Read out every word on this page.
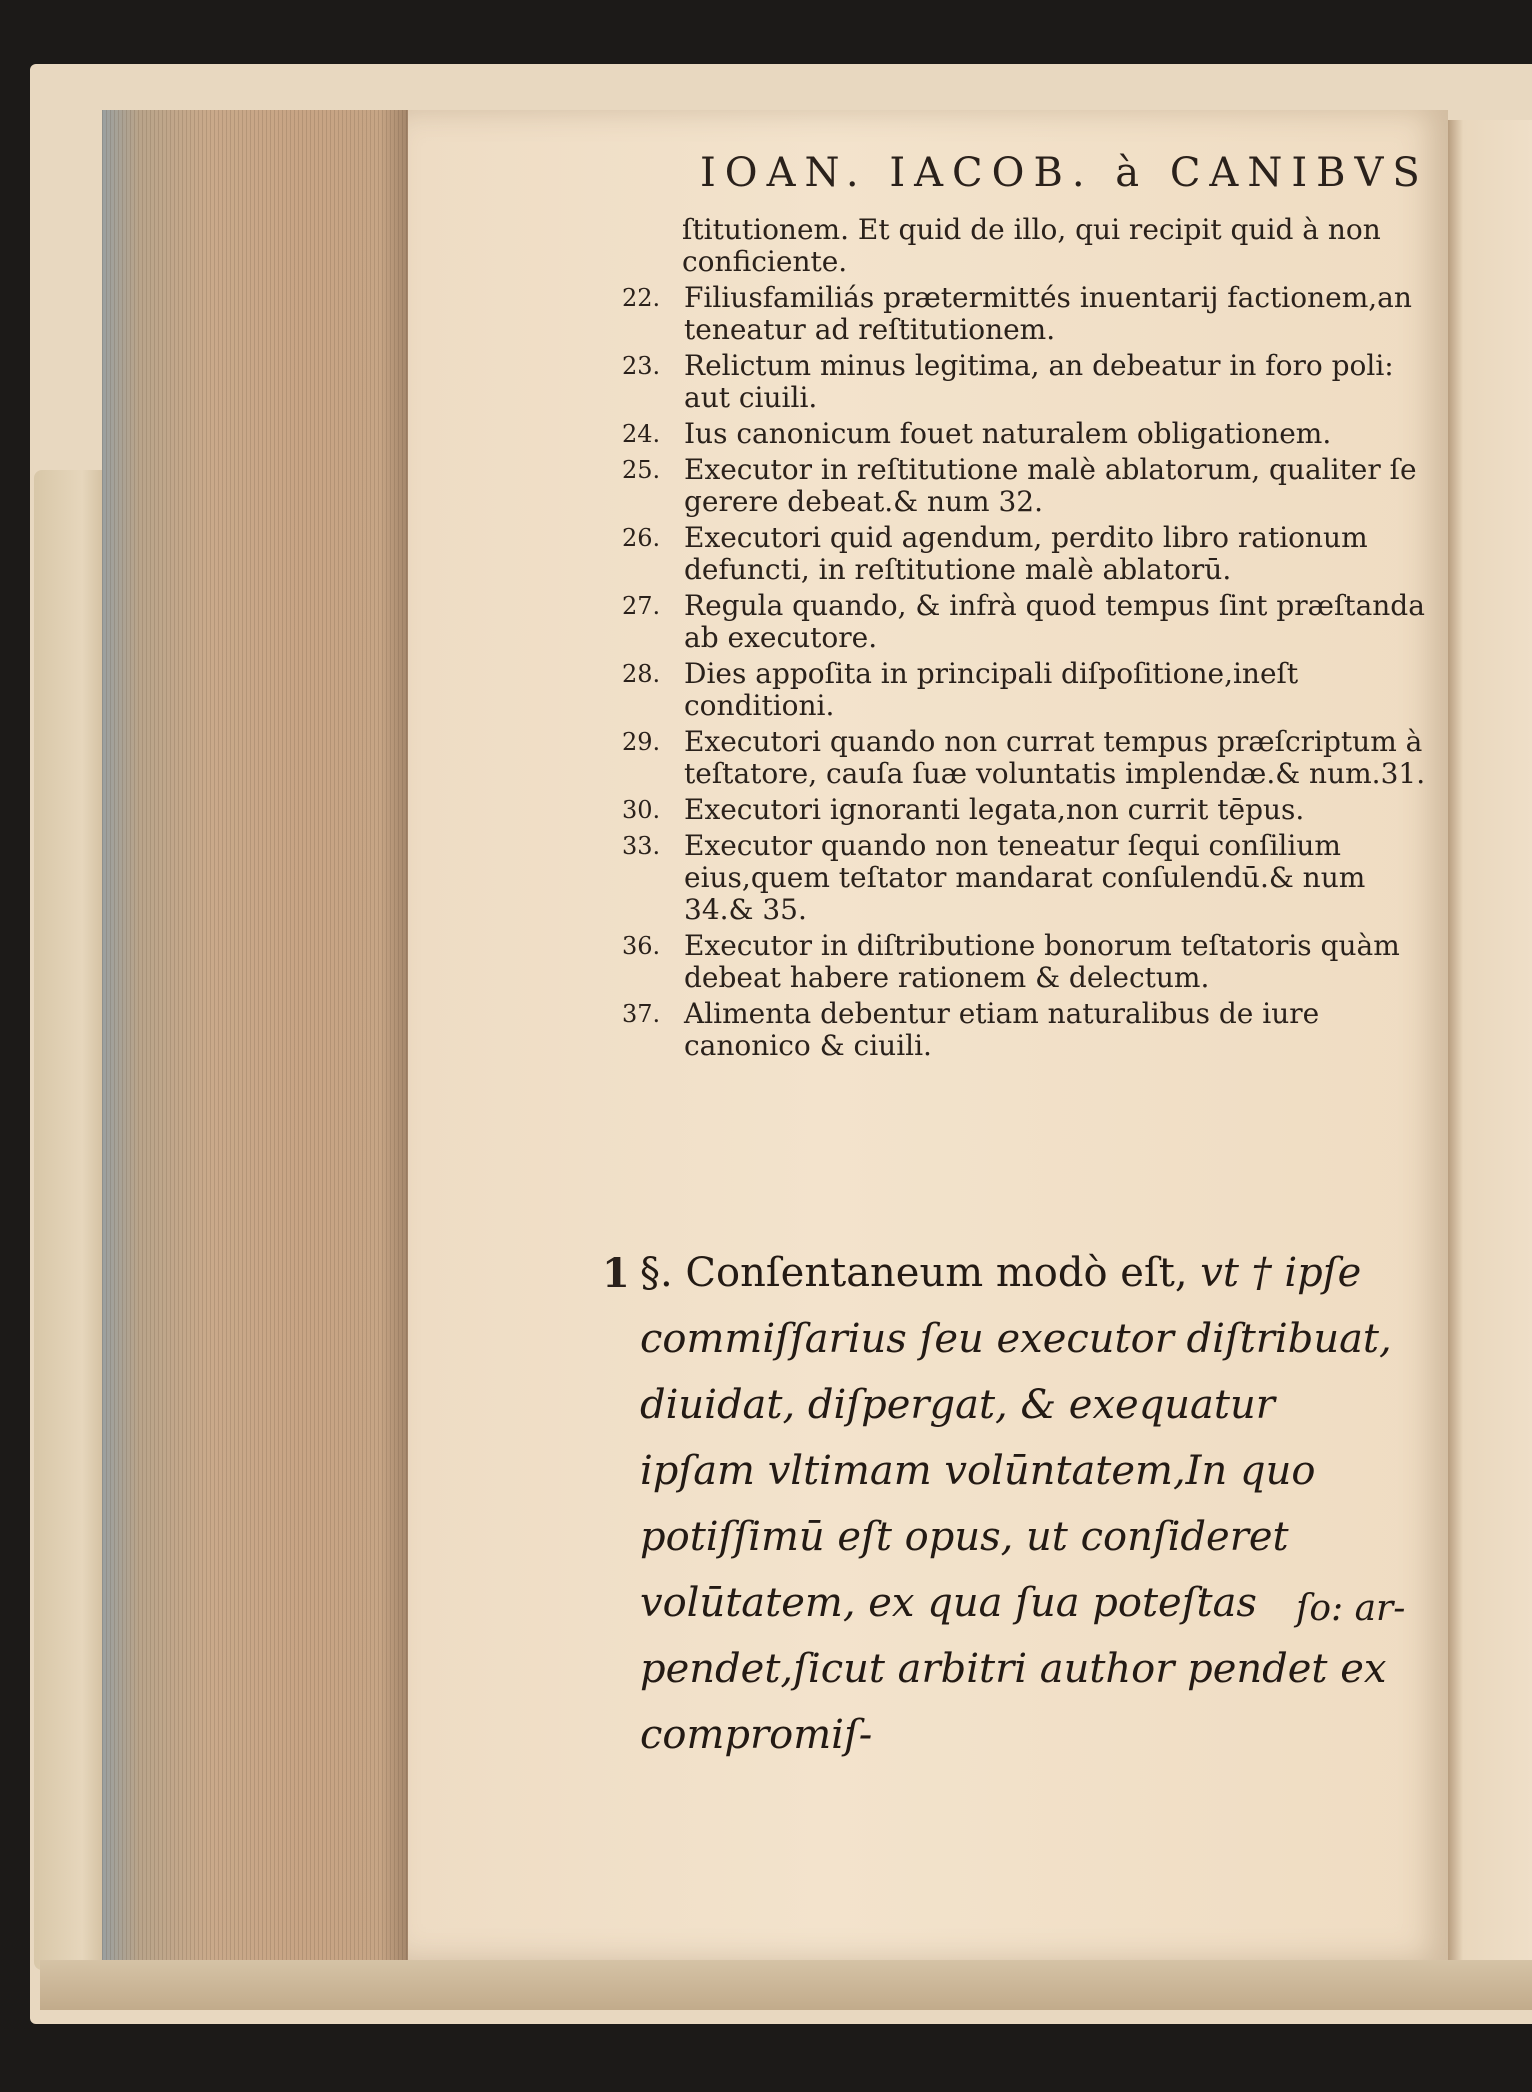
IOAN. IACOB. à CANIBVS
ſtitutionem. Et quid de illo, qui recipit quid à non conficiente.
22. Filiusfamiliás prætermittés inuentarij factionem,an teneatur ad reſtitutionem.
23. Relictum minus legitima, an debeatur in foro poli: aut ciuili.
24. Ius canonicum fouet naturalem obligationem.
25. Executor in reſtitutione malè ablatorum, qualiter ſe gerere debeat.& num 32.
26. Executori quid agendum, perdito libro rationum defuncti, in reſtitutione malè ablatorū.
27. Regula quando, & infrà quod tempus ſint præſtanda ab executore.
28. Dies appoſita in principali diſpoſitione,ineſt conditioni.
29. Executori quando non currat tempus præſcriptum à teſtatore, cauſa ſuæ voluntatis implendæ.& num.31.
30. Executori ignoranti legata,non currit tēpus.
33. Executor quando non teneatur ſequi conſilium eius,quem teſtator mandarat conſulendū.& num 34.& 35.
36. Executor in diſtributione bonorum teſtatoris quàm debeat habere rationem & delectum.
37. Alimenta debentur etiam naturalibus de iure canonico & ciuili.
1 §. Conſentaneum modò eſt, vt † ipſe commiſſarius ſeu executor diſtribuat, diuidat, diſpergat, & exequatur ipſam vltimam volūntatem,In quo potiſſimū eſt opus, ut conſideret volūtatem, ex qua ſua poteſtas pendet,ſicut arbitri author pendet ex compromiſ-
ſo: ar-
